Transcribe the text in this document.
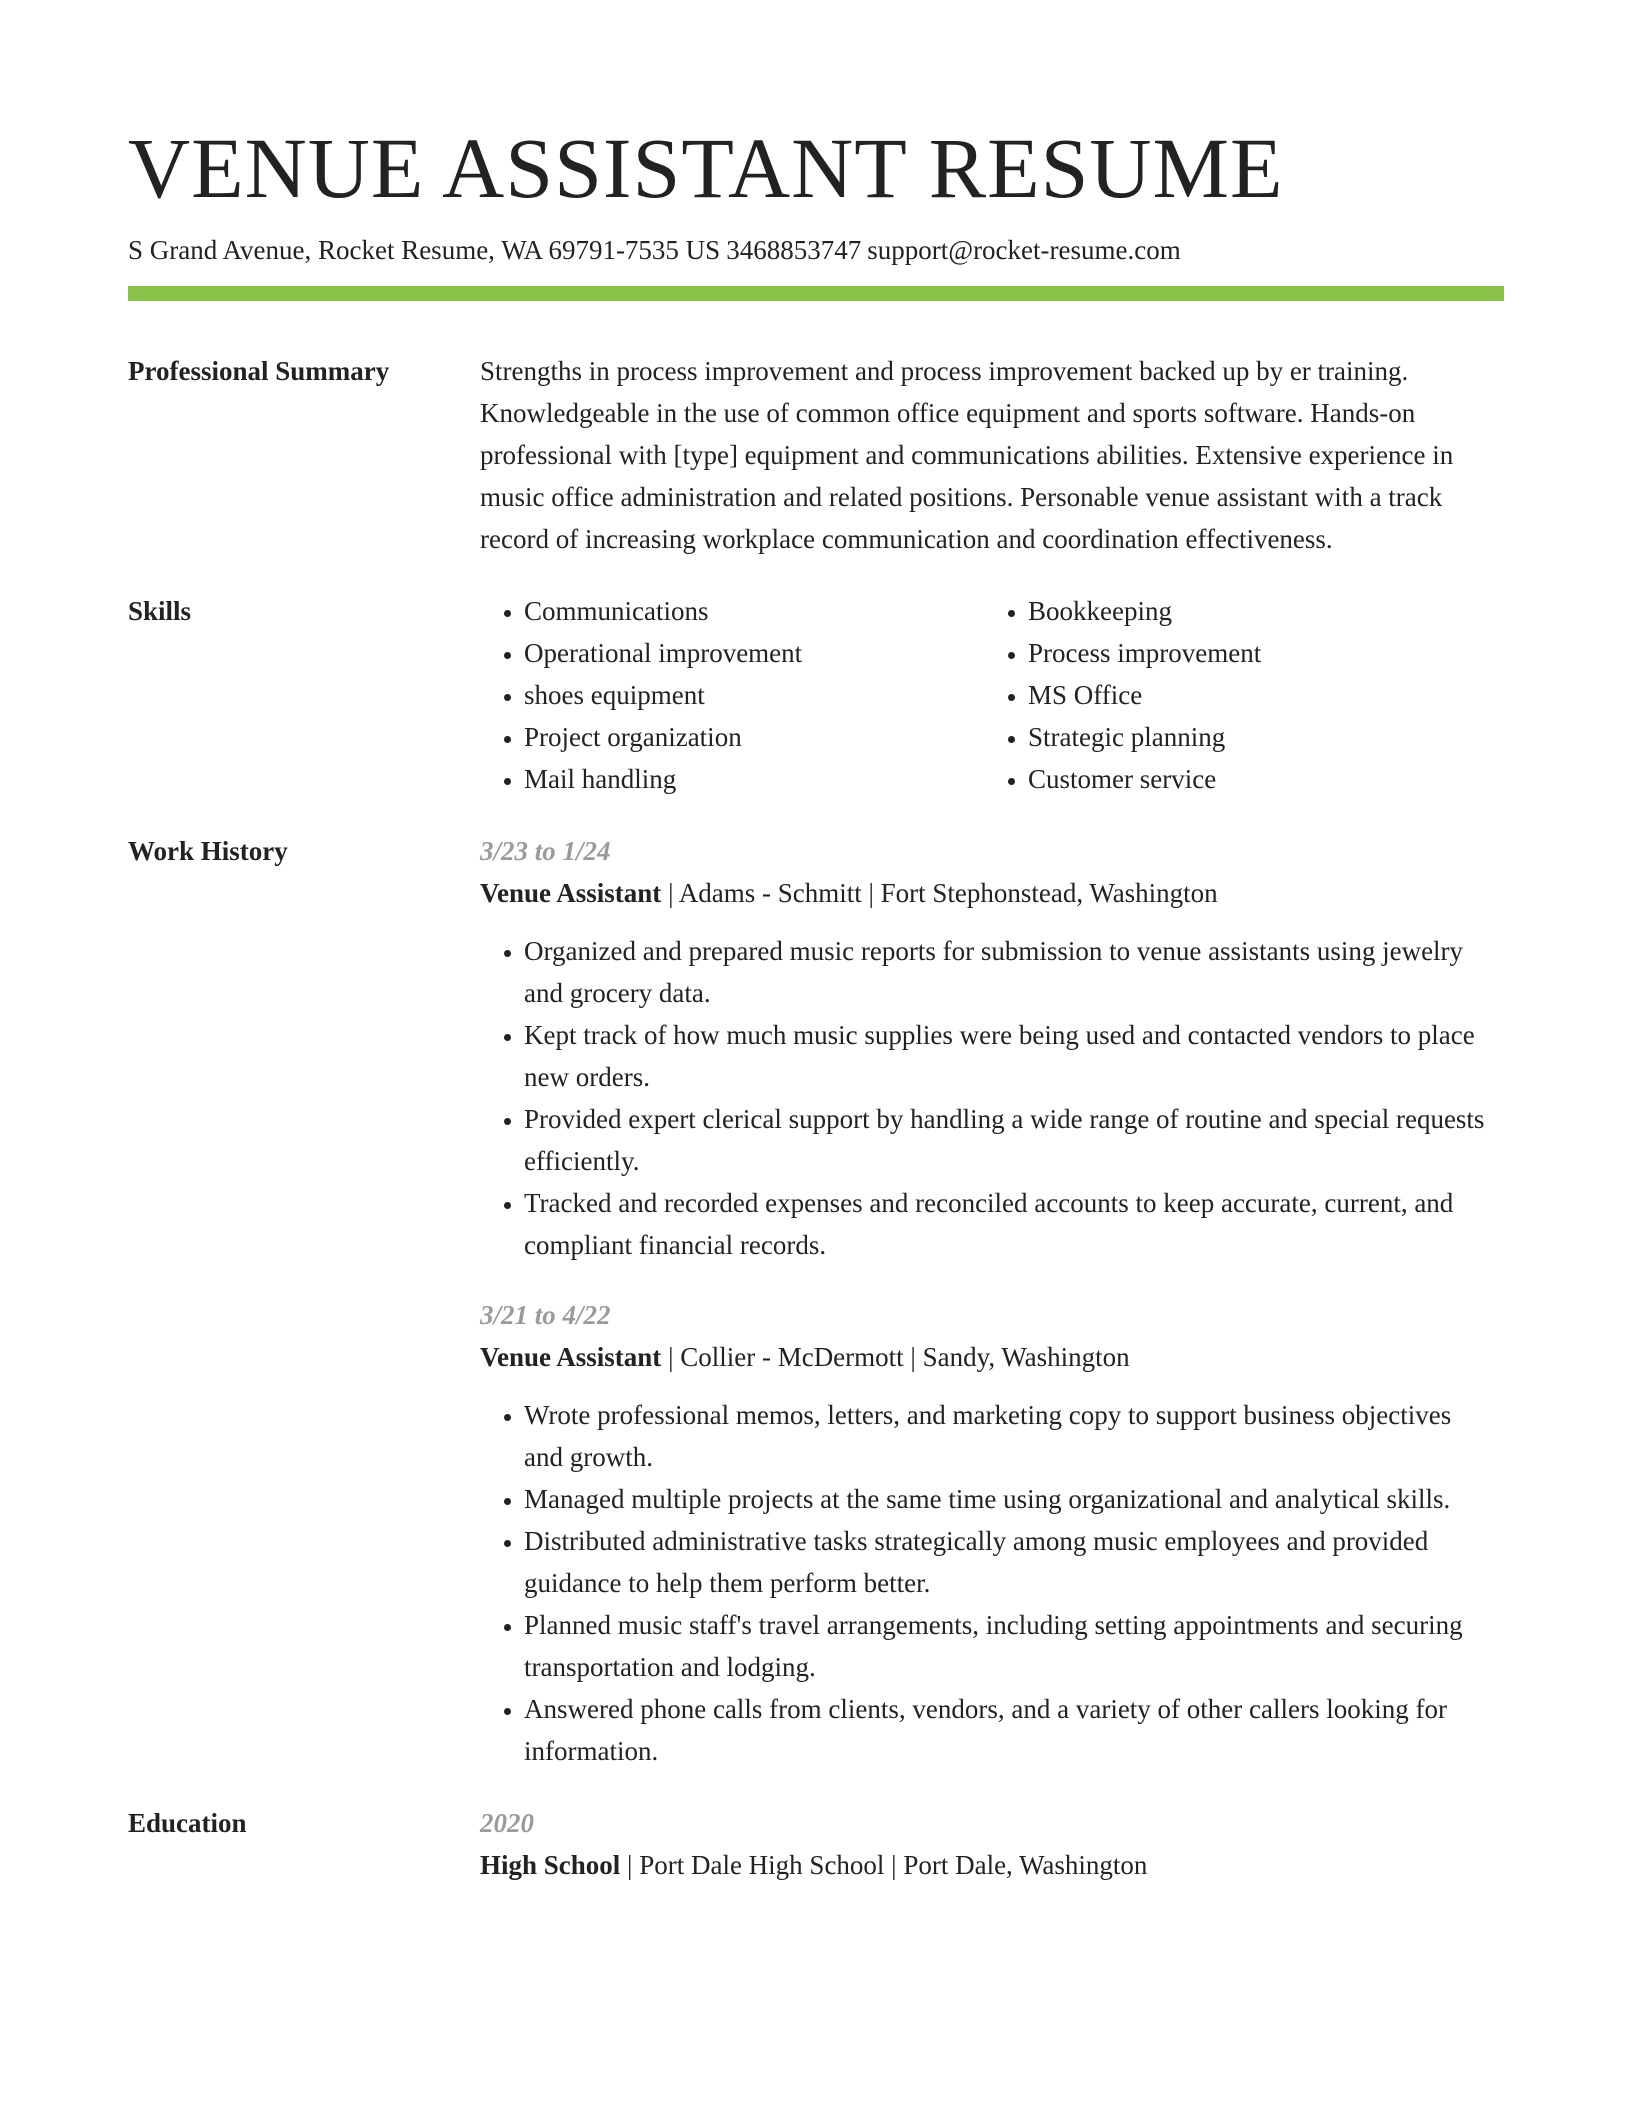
VENUE ASSISTANT RESUME
S Grand Avenue, Rocket Resume, WA 69791-7535 US 3468853747 support@rocket-resume.com
Professional Summary	Strengths in process improvement and process improvement backed up by er training. Knowledgeable in the use of common office equipment and sports software. Hands-on professional with [type] equipment and communications abilities. Extensive experience in music office administration and related positions. Personable venue assistant with a track record of increasing workplace communication and coordination effectiveness.

Skills
•	Communications
• Operational improvement
• shoes equipment
• Project organization
• Mail handling
• Bookkeeping
• Process improvement
• MS Office
• Strategic planning
• Customer service
Work History	3/23 to 1/24
Venue Assistant | Adams - Schmitt | Fort Stephonstead, Washington
• Organized and prepared music reports for submission to venue assistants using jewelry and grocery data.
• Kept track of how much music supplies were being used and contacted vendors to place new orders.
• Provided expert clerical support by handling a wide range of routine and special requests efficiently.
• Tracked and recorded expenses and reconciled accounts to keep accurate, current, and compliant financial records.
3/21 to 4/22
Venue Assistant | Collier - McDermott | Sandy, Washington
• Wrote professional memos, letters, and marketing copy to support business objectives and growth.
• Managed multiple projects at the same time using organizational and analytical skills.
• Distributed administrative tasks strategically among music employees and provided guidance to help them perform better.
• Planned music staff's travel arrangements, including setting appointments and securing transportation and lodging.
• Answered phone calls from clients, vendors, and a variety of other callers looking for information.
Education	2020
High School | Port Dale High School | Port Dale, Washington
